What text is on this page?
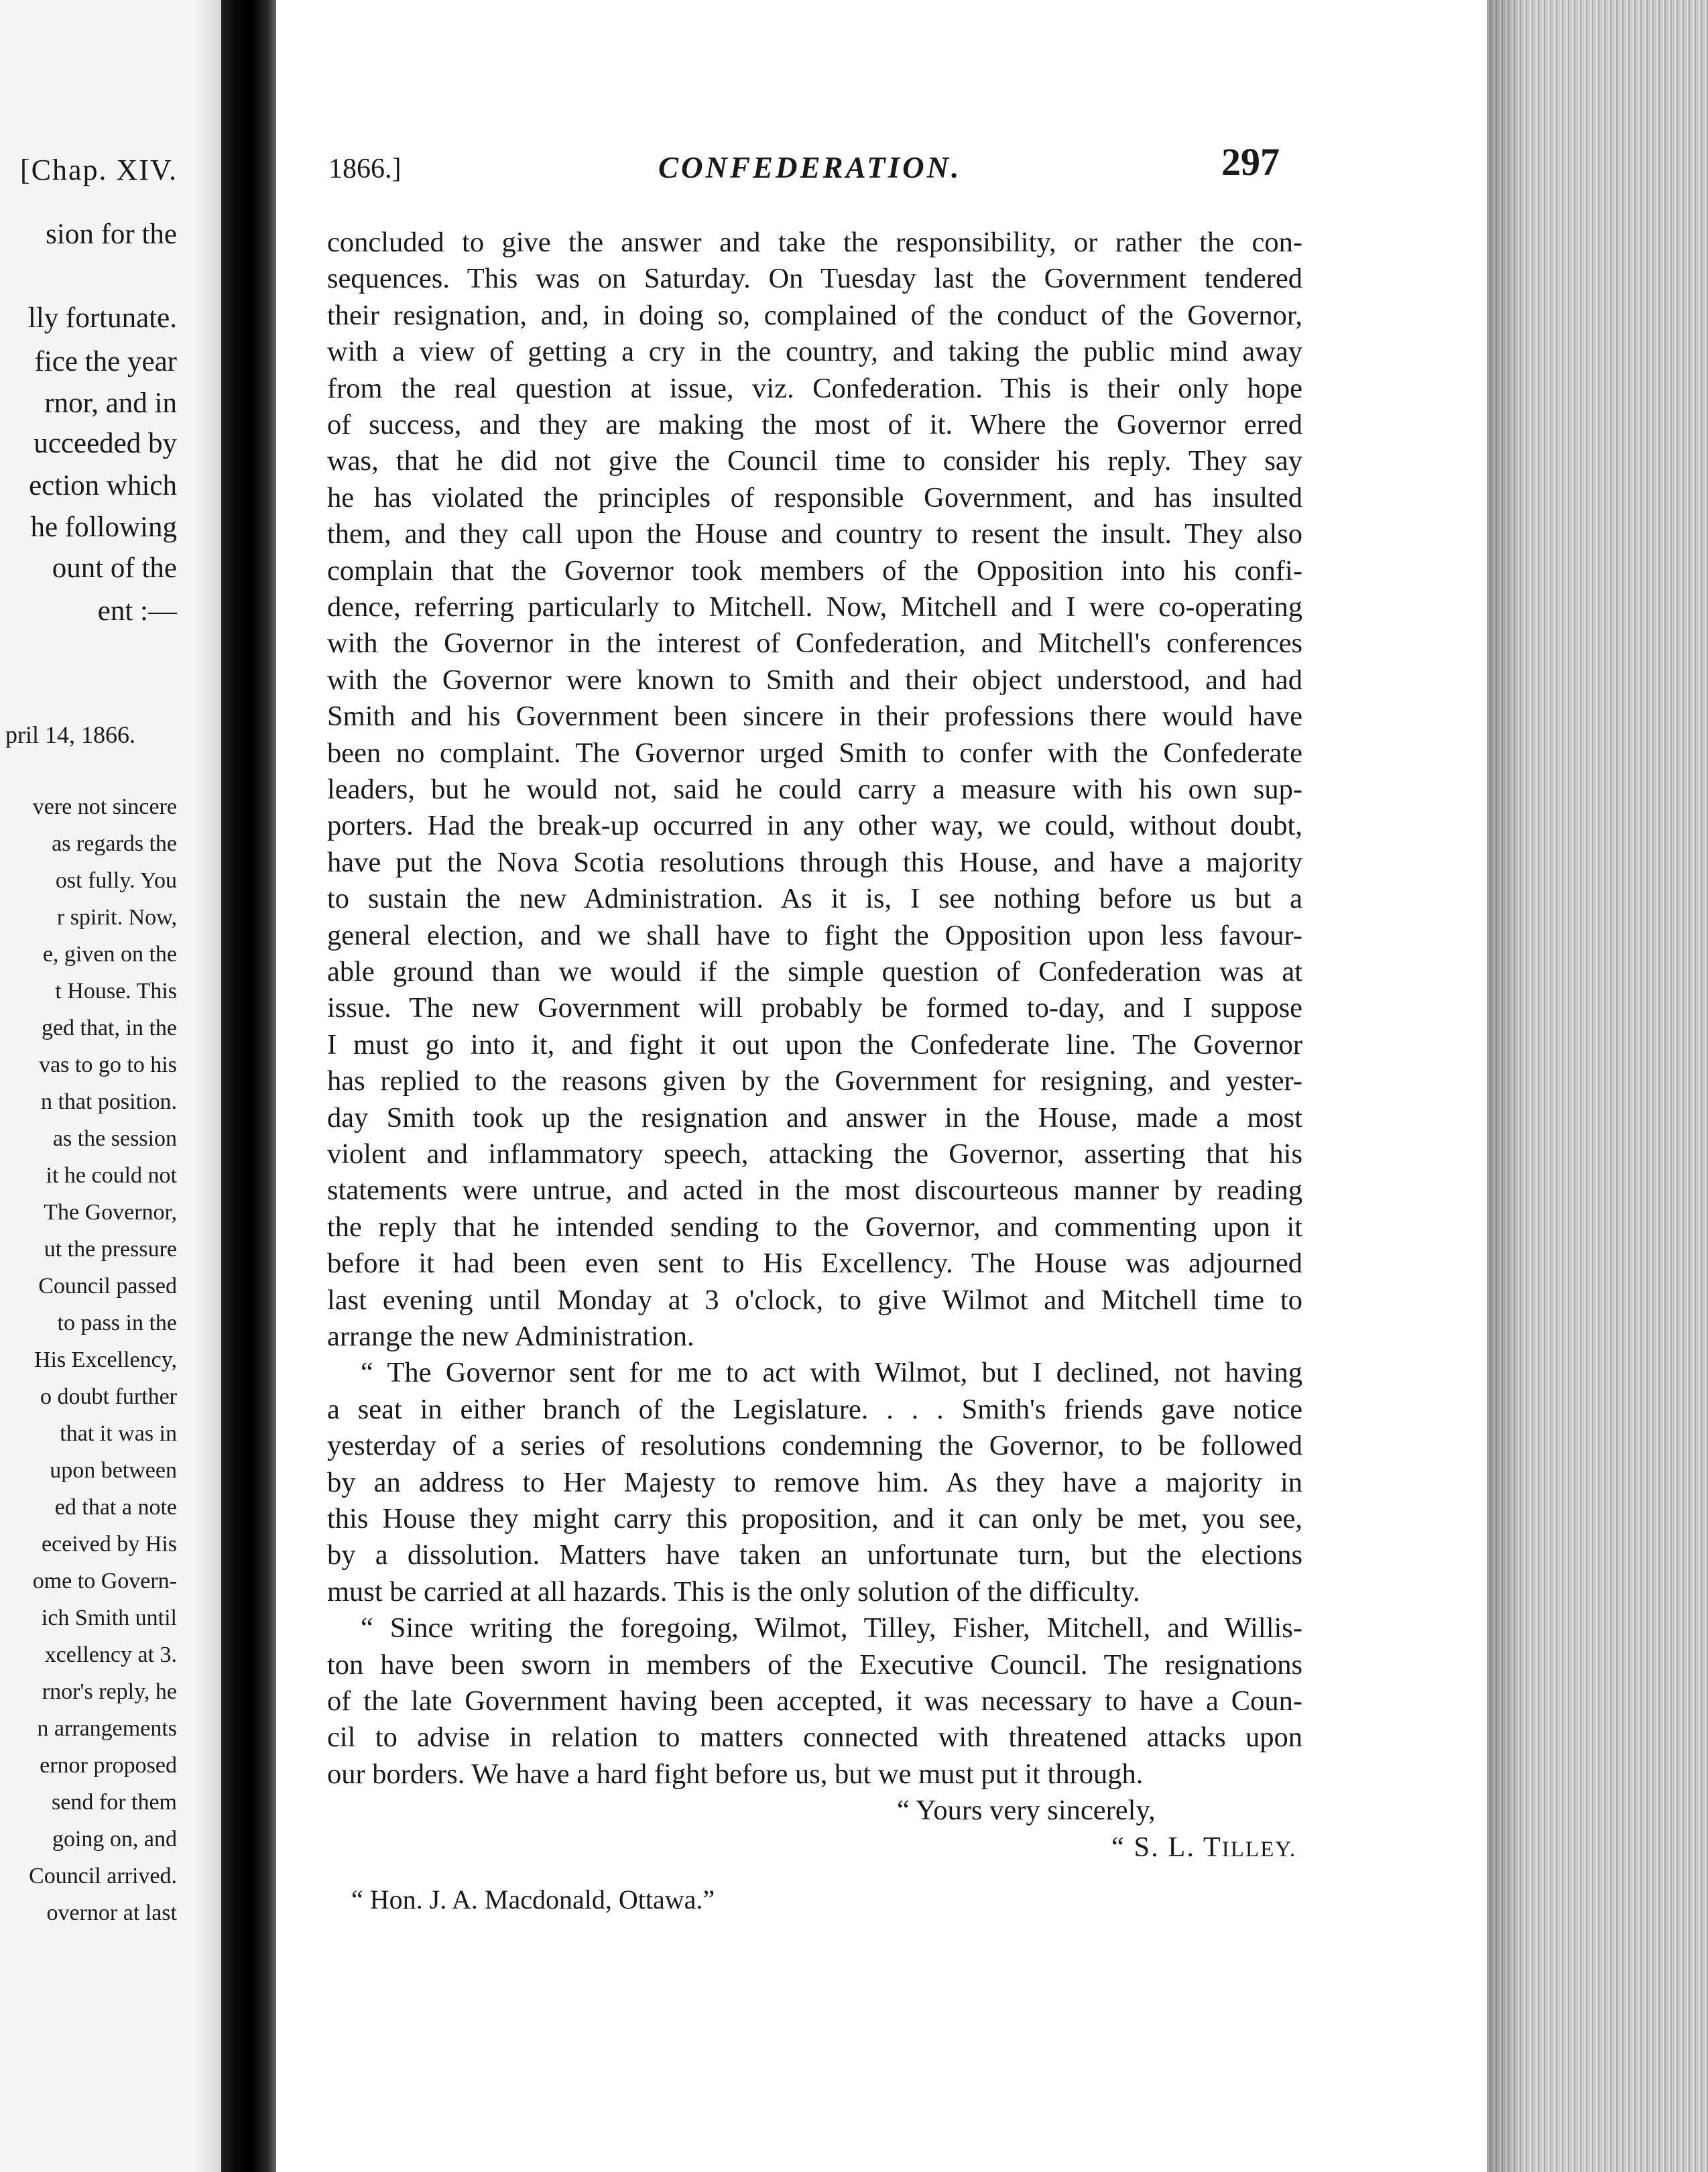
[Chap. XIV.
sion for the
lly fortunate.
fice the year
rnor, and in
ucceeded by
ection which
he following
ount of the
ent :—
pril 14, 1866.
vere not sincere
as regards the
ost fully. You
r spirit. Now,
e, given on the
t House. This
ged that, in the
vas to go to his
n that position.
as the session
it he could not
The Governor,
ut the pressure
Council passed
to pass in the
His Excellency,
o doubt further
that it was in
upon between
ed that a note
eceived by His
ome to Govern-
ich Smith until
xcellency at 3.
rnor's reply, he
n arrangements
ernor proposed
send for them
going on, and
Council arrived.
overnor at last
1866.]	CONFEDERATION.	297
concluded to give the answer and take the responsibility, or rather the con-
sequences. This was on Saturday. On Tuesday last the Government tendered
their resignation, and, in doing so, complained of the conduct of the Governor,
with a view of getting a cry in the country, and taking the public mind away
from the real question at issue, viz. Confederation. This is their only hope
of success, and they are making the most of it. Where the Governor erred
was, that he did not give the Council time to consider his reply. They say
he has violated the principles of responsible Government, and has insulted
them, and they call upon the House and country to resent the insult. They also
complain that the Governor took members of the Opposition into his confi-
dence, referring particularly to Mitchell. Now, Mitchell and I were co-operating
with the Governor in the interest of Confederation, and Mitchell's conferences
with the Governor were known to Smith and their object understood, and had
Smith and his Government been sincere in their professions there would have
been no complaint. The Governor urged Smith to confer with the Confederate
leaders, but he would not, said he could carry a measure with his own sup-
porters. Had the break-up occurred in any other way, we could, without doubt,
have put the Nova Scotia resolutions through this House, and have a majority
to sustain the new Administration. As it is, I see nothing before us but a
general election, and we shall have to fight the Opposition upon less favour-
able ground than we would if the simple question of Confederation was at
issue. The new Government will probably be formed to-day, and I suppose
I must go into it, and fight it out upon the Confederate line. The Governor
has replied to the reasons given by the Government for resigning, and yester-
day Smith took up the resignation and answer in the House, made a most
violent and inflammatory speech, attacking the Governor, asserting that his
statements were untrue, and acted in the most discourteous manner by reading
the reply that he intended sending to the Governor, and commenting upon it
before it had been even sent to His Excellency. The House was adjourned
last evening until Monday at 3 o'clock, to give Wilmot and Mitchell time to
arrange the new Administration.
“ The Governor sent for me to act with Wilmot, but I declined, not having
a seat in either branch of the Legislature. . . . Smith's friends gave notice
yesterday of a series of resolutions condemning the Governor, to be followed
by an address to Her Majesty to remove him. As they have a majority in
this House they might carry this proposition, and it can only be met, you see,
by a dissolution. Matters have taken an unfortunate turn, but the elections
must be carried at all hazards. This is the only solution of the difficulty.
“ Since writing the foregoing, Wilmot, Tilley, Fisher, Mitchell, and Willis-
ton have been sworn in members of the Executive Council. The resignations
of the late Government having been accepted, it was necessary to have a Coun-
cil to advise in relation to matters connected with threatened attacks upon
our borders. We have a hard fight before us, but we must put it through.
“ Yours very sincerely,
“ S. L. TILLEY.
“ Hon. J. A. Macdonald, Ottawa.”
